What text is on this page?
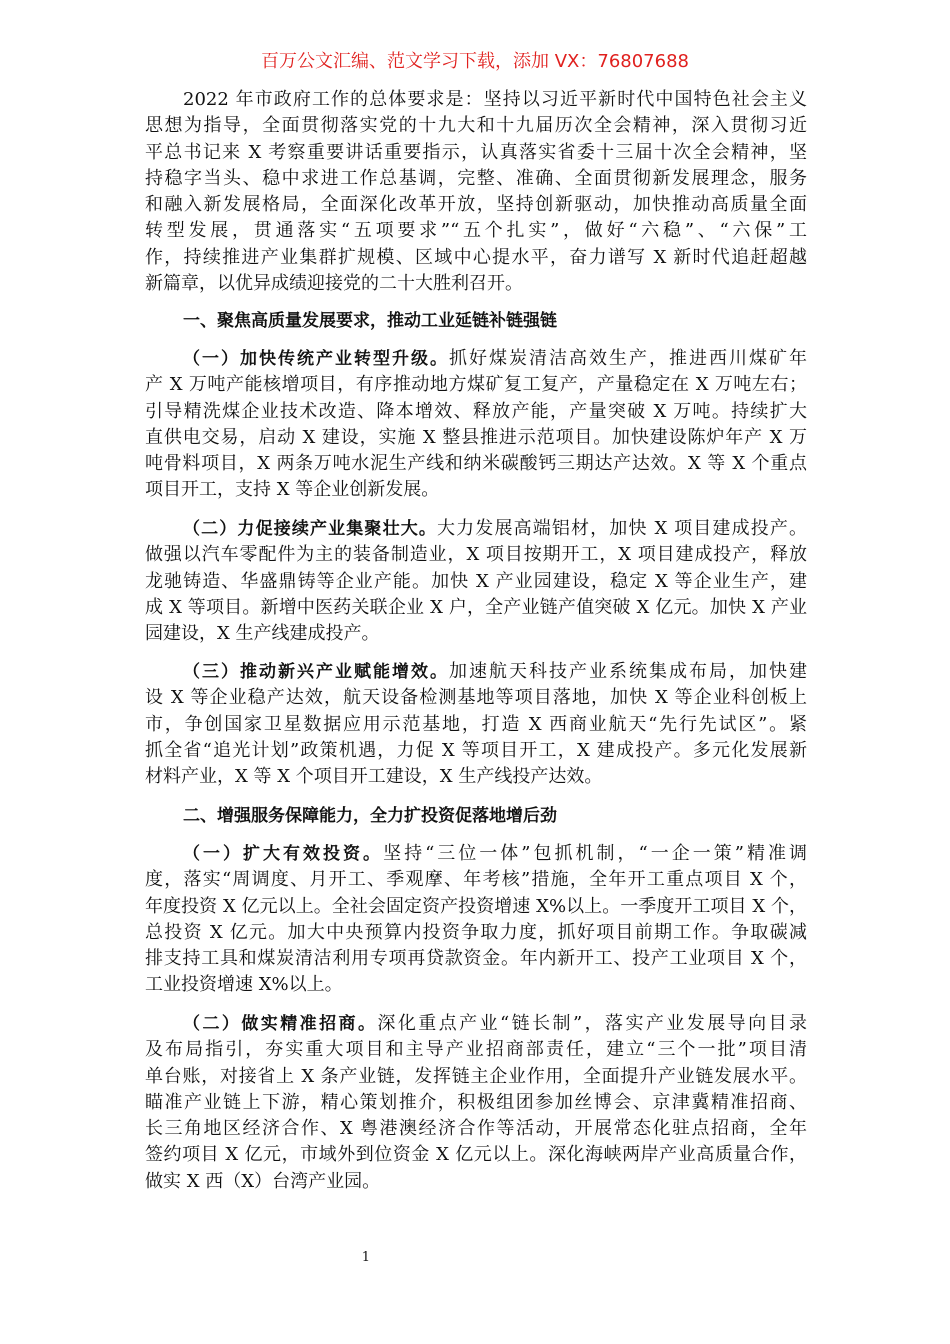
百万公文汇编、范文学习下载，添加 VX：76807688
2022 年市政府工作的总体要求是：坚持以习近平新时代中国特色社会主义
思想为指导，全面贯彻落实党的十九大和十九届历次全会精神，深入贯彻习近
平总书记来 X 考察重要讲话重要指示，认真落实省委十三届十次全会精神，坚
持稳字当头、稳中求进工作总基调，完整、准确、全面贯彻新发展理念，服务
和融入新发展格局，全面深化改革开放，坚持创新驱动，加快推动高质量全面
转型发展，贯通落实“五项要求”“五个扎实”，做好“六稳”、“六保”工
作，持续推进产业集群扩规模、区域中心提水平，奋力谱写 X 新时代追赶超越
新篇章，以优异成绩迎接党的二十大胜利召开。
一、聚焦高质量发展要求，推动工业延链补链强链
（一）加快传统产业转型升级。抓好煤炭清洁高效生产，推进西川煤矿年
产 X 万吨产能核增项目，有序推动地方煤矿复工复产，产量稳定在 X 万吨左右；
引导精洗煤企业技术改造、降本增效、释放产能，产量突破 X 万吨。持续扩大
直供电交易，启动 X 建设，实施 X 整县推进示范项目。加快建设陈炉年产 X 万
吨骨料项目，X 两条万吨水泥生产线和纳米碳酸钙三期达产达效。X 等 X 个重点
项目开工，支持 X 等企业创新发展。
（二）力促接续产业集聚壮大。大力发展高端铝材，加快 X 项目建成投产。
做强以汽车零配件为主的装备制造业，X 项目按期开工，X 项目建成投产，释放
龙驰铸造、华盛鼎铸等企业产能。加快 X 产业园建设，稳定 X 等企业生产，建
成 X 等项目。新增中医药关联企业 X 户，全产业链产值突破 X 亿元。加快 X 产业
园建设，X 生产线建成投产。
（三）推动新兴产业赋能增效。加速航天科技产业系统集成布局，加快建
设 X 等企业稳产达效，航天设备检测基地等项目落地，加快 X 等企业科创板上
市，争创国家卫星数据应用示范基地，打造 X 西商业航天“先行先试区”。紧
抓全省“追光计划”政策机遇，力促 X 等项目开工，X 建成投产。多元化发展新
材料产业，X 等 X 个项目开工建设，X 生产线投产达效。
二、增强服务保障能力，全力扩投资促落地增后劲
（一）扩大有效投资。坚持“三位一体”包抓机制，“一企一策”精准调
度，落实“周调度、月开工、季观摩、年考核”措施，全年开工重点项目 X 个，
年度投资 X 亿元以上。全社会固定资产投资增速 X%以上。一季度开工项目 X 个，
总投资 X 亿元。加大中央预算内投资争取力度，抓好项目前期工作。争取碳减
排支持工具和煤炭清洁利用专项再贷款资金。年内新开工、投产工业项目 X 个，
工业投资增速 X%以上。
（二）做实精准招商。深化重点产业“链长制”，落实产业发展导向目录
及布局指引，夯实重大项目和主导产业招商部责任，建立“三个一批”项目清
单台账，对接省上 X 条产业链，发挥链主企业作用，全面提升产业链发展水平。
瞄准产业链上下游，精心策划推介，积极组团参加丝博会、京津冀精准招商、
长三角地区经济合作、X 粤港澳经济合作等活动，开展常态化驻点招商，全年
签约项目 X 亿元，市域外到位资金 X 亿元以上。深化海峡两岸产业高质量合作，
做实 X 西（X）台湾产业园。
1
